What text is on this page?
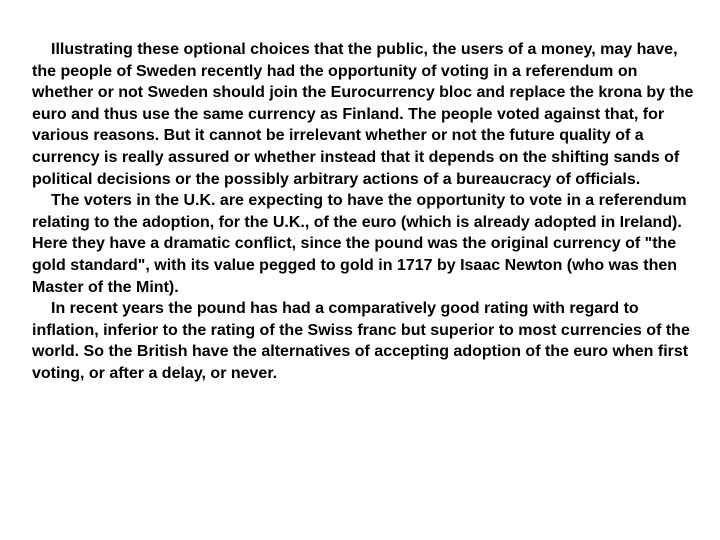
Illustrating these optional choices that the public, the users of a money, may have, the people of Sweden recently had the opportunity of voting in a referendum on whether or not Sweden should join the Eurocurrency bloc and replace the krona by the euro and thus use the same currency as Finland. The people voted against that, for various reasons. But it cannot be irrelevant whether or not the future quality of a currency is really assured or whether instead that it depends on the shifting sands of political decisions or the possibly arbitrary actions of a bureaucracy of officials.

The voters in the U.K. are expecting to have the opportunity to vote in a referendum relating to the adoption, for the U.K., of the euro (which is already adopted in Ireland). Here they have a dramatic conflict, since the pound was the original currency of "the gold standard", with its value pegged to gold in 1717 by Isaac Newton (who was then Master of the Mint).

In recent years the pound has had a comparatively good rating with regard to inflation, inferior to the rating of the Swiss franc but superior to most currencies of the world. So the British have the alternatives of accepting adoption of the euro when first voting, or after a delay, or never.
